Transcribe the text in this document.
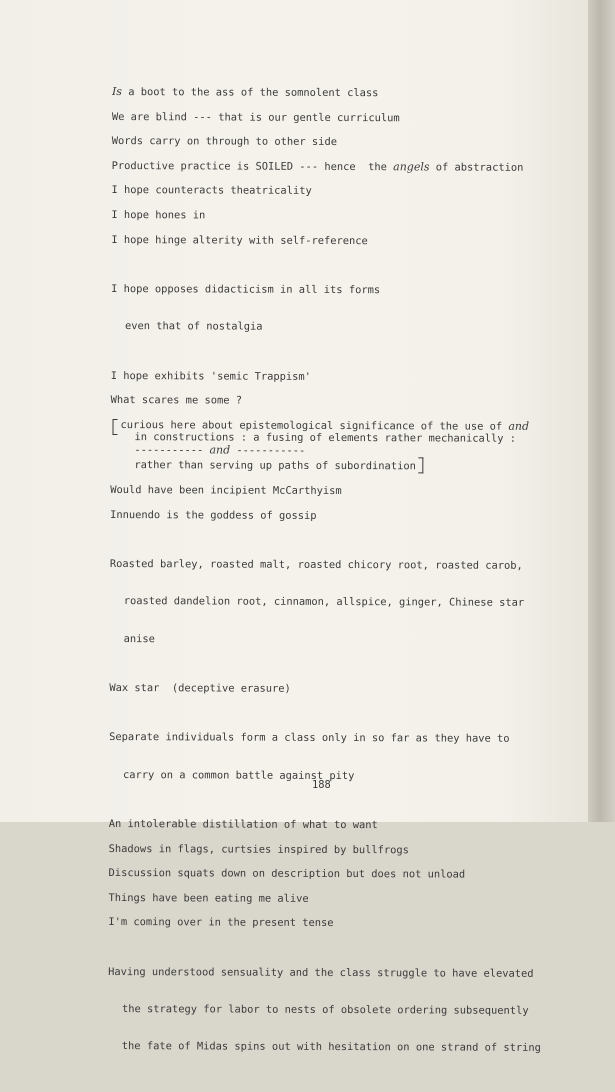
Is a boot to the ass of the somnolent class
We are blind --- that is our gentle curriculum
Words carry on through to other side
Productive practice is SOILED --- hence  the angels of abstraction
I hope counteracts theatricality
I hope hones in
I hope hinge alterity with self-reference

I hope opposes didacticism in all its forms

even that of nostalgia

I hope exhibits 'semic Trappism'
What scares me some ?
curious here about epistemological significance of the use of and
in constructions : a fusing of elements rather mechanically :
----------- and -----------
rather than serving up paths of subordination
Would have been incipient McCarthyism
Innuendo is the goddess of gossip

Roasted barley, roasted malt, roasted chicory root, roasted carob,

roasted dandelion root, cinnamon, allspice, ginger, Chinese star

anise

Wax star  (deceptive erasure)

Separate individuals form a class only in so far as they have to

carry on a common battle against pity

An intolerable distillation of what to want
Shadows in flags, curtsies inspired by bullfrogs
Discussion squats down on description but does not unload
Things have been eating me alive
I'm coming over in the present tense

Having understood sensuality and the class struggle to have elevated

the strategy for labor to nests of obsolete ordering subsequently

the fate of Midas spins out with hesitation on one strand of string

188
